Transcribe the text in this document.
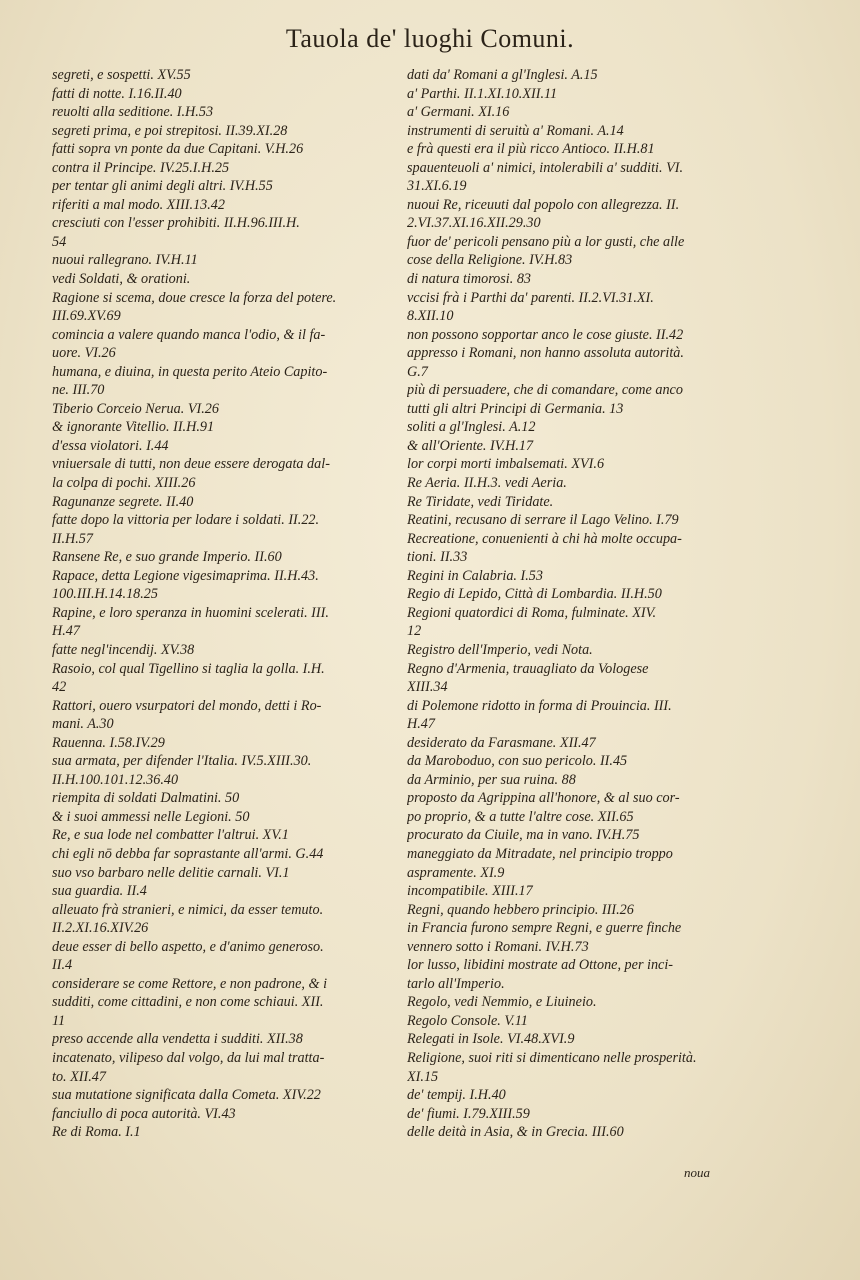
Tauola de' luoghi Comuni.
segreti, e sospetti. XV.55
fatti di notte. I.16.II.40
reuolti alla seditione. I.H.53
segreti prima, e poi strepitosi. II.39.XI.28
fatti sopra vn ponte da due Capitani. V.H.26
contra il Principe. IV.25.I.H.25
per tentar gli animi degli altri. IV.H.55
riferiti a mal modo. XIII.13.42
cresciuti con l'esser prohibiti. II.H.96.III.H.
54
nuoui rallegrano. IV.H.11
vedi Soldati, & orationi.
Ragione si scema, doue cresce la forza del potere.
III.69.XV.69
comincia a valere quando manca l'odio, & il fa-
uore. VI.26
humana, e diuina, in questa perito Ateio Capito-
ne. III.70
Tiberio Corceio Nerua. VI.26
& ignorante Vitellio. II.H.91
d'essa violatori. I.44
vniuersale di tutti, non deue essere derogata dal-
la colpa di pochi. XIII.26
Ragunanze segrete. II.40
fatte dopo la vittoria per lodare i soldati. II.22.
II.H.57
Ransene Re, e suo grande Imperio. II.60
Rapace, detta Legione vigesimaprima. II.H.43.
100.III.H.14.18.25
Rapine, e loro speranza in huomini scelerati. III.
H.47
fatte negl'incendij. XV.38
Rasoio, col qual Tigellino si taglia la golla. I.H.
42
Rattori, ouero vsurpatori del mondo, detti i Ro-
mani. A.30
Rauenna. I.58.IV.29
sua armata, per difender l'Italia. IV.5.XIII.30.
II.H.100.101.12.36.40
riempita di soldati Dalmatini. 50
& i suoi ammessi nelle Legioni. 50
Re, e sua lode nel combatter l'altrui. XV.1
chi egli nō debba far soprastante all'armi. G.44
suo vso barbaro nelle delitie carnali. VI.1
sua guardia. II.4
alleuato frà stranieri, e nimici, da esser temuto.
II.2.XI.16.XIV.26
deue esser di bello aspetto, e d'animo generoso.
II.4
considerare se come Rettore, e non padrone, & i
sudditi, come cittadini, e non come schiaui. XII.
11
preso accende alla vendetta i sudditi. XII.38
incatenato, vilipeso dal volgo, da lui mal tratta-
to. XII.47
sua mutatione significata dalla Cometa. XIV.22
fanciullo di poca autorità. VI.43
Re di Roma. I.1
dati da' Romani a gl'Inglesi. A.15
a' Parthi. II.1.XI.10.XII.11
a' Germani. XI.16
instrumenti di seruitù a' Romani. A.14
e frà questi era il più ricco Antioco. II.H.81
spauenteuoli a' nimici, intolerabili a' sudditi. VI.
31.XI.6.19
nuoui Re, riceuuti dal popolo con allegrezza. II.
2.VI.37.XI.16.XII.29.30
fuor de' pericoli pensano più a lor gusti, che alle
cose della Religione. IV.H.83
di natura timorosi. 83
vccisi frà i Parthi da' parenti. II.2.VI.31.XI.
8.XII.10
non possono sopportar anco le cose giuste. II.42
appresso i Romani, non hanno assoluta autorità.
G.7
più di persuadere, che di comandare, come anco
tutti gli altri Principi di Germania. 13
soliti a gl'Inglesi. A.12
& all'Oriente. IV.H.17
lor corpi morti imbalsemati. XVI.6
Re Aeria. II.H.3. vedi Aeria.
Re Tiridate, vedi Tiridate.
Reatini, recusano di serrare il Lago Velino. I.79
Recreatione, conuenienti à chi hà molte occupa-
tioni. II.33
Regini in Calabria. I.53
Regio di Lepido, Città di Lombardia. II.H.50
Regioni quatordici di Roma, fulminate. XIV.
12
Registro dell'Imperio, vedi Nota.
Regno d'Armenia, trauagliato da Vologese
XIII.34
di Polemone ridotto in forma di Prouincia. III.
H.47
desiderato da Farasmane. XII.47
da Maroboduo, con suo pericolo. II.45
da Arminio, per sua ruina. 88
proposto da Agrippina all'honore, & al suo cor-
po proprio, & a tutte l'altre cose. XII.65
procurato da Ciuile, ma in vano. IV.H.75
maneggiato da Mitradate, nel principio troppo
aspramente. XI.9
incompatibile. XIII.17
Regni, quando hebbero principio. III.26
in Francia furono sempre Regni, e guerre finche
vennero sotto i Romani. IV.H.73
lor lusso, libidini mostrate ad Ottone, per inci-
tarlo all'Imperio.
Regolo, vedi Nemmio, e Liuineio.
Regolo Console. V.11
Relegati in Isole. VI.48.XVI.9
Religione, suoi riti si dimenticano nelle prosperità.
XI.15
de' tempij. I.H.40
de' fiumi. I.79.XIII.59
delle deità in Asia, & in Grecia. III.60
noua
